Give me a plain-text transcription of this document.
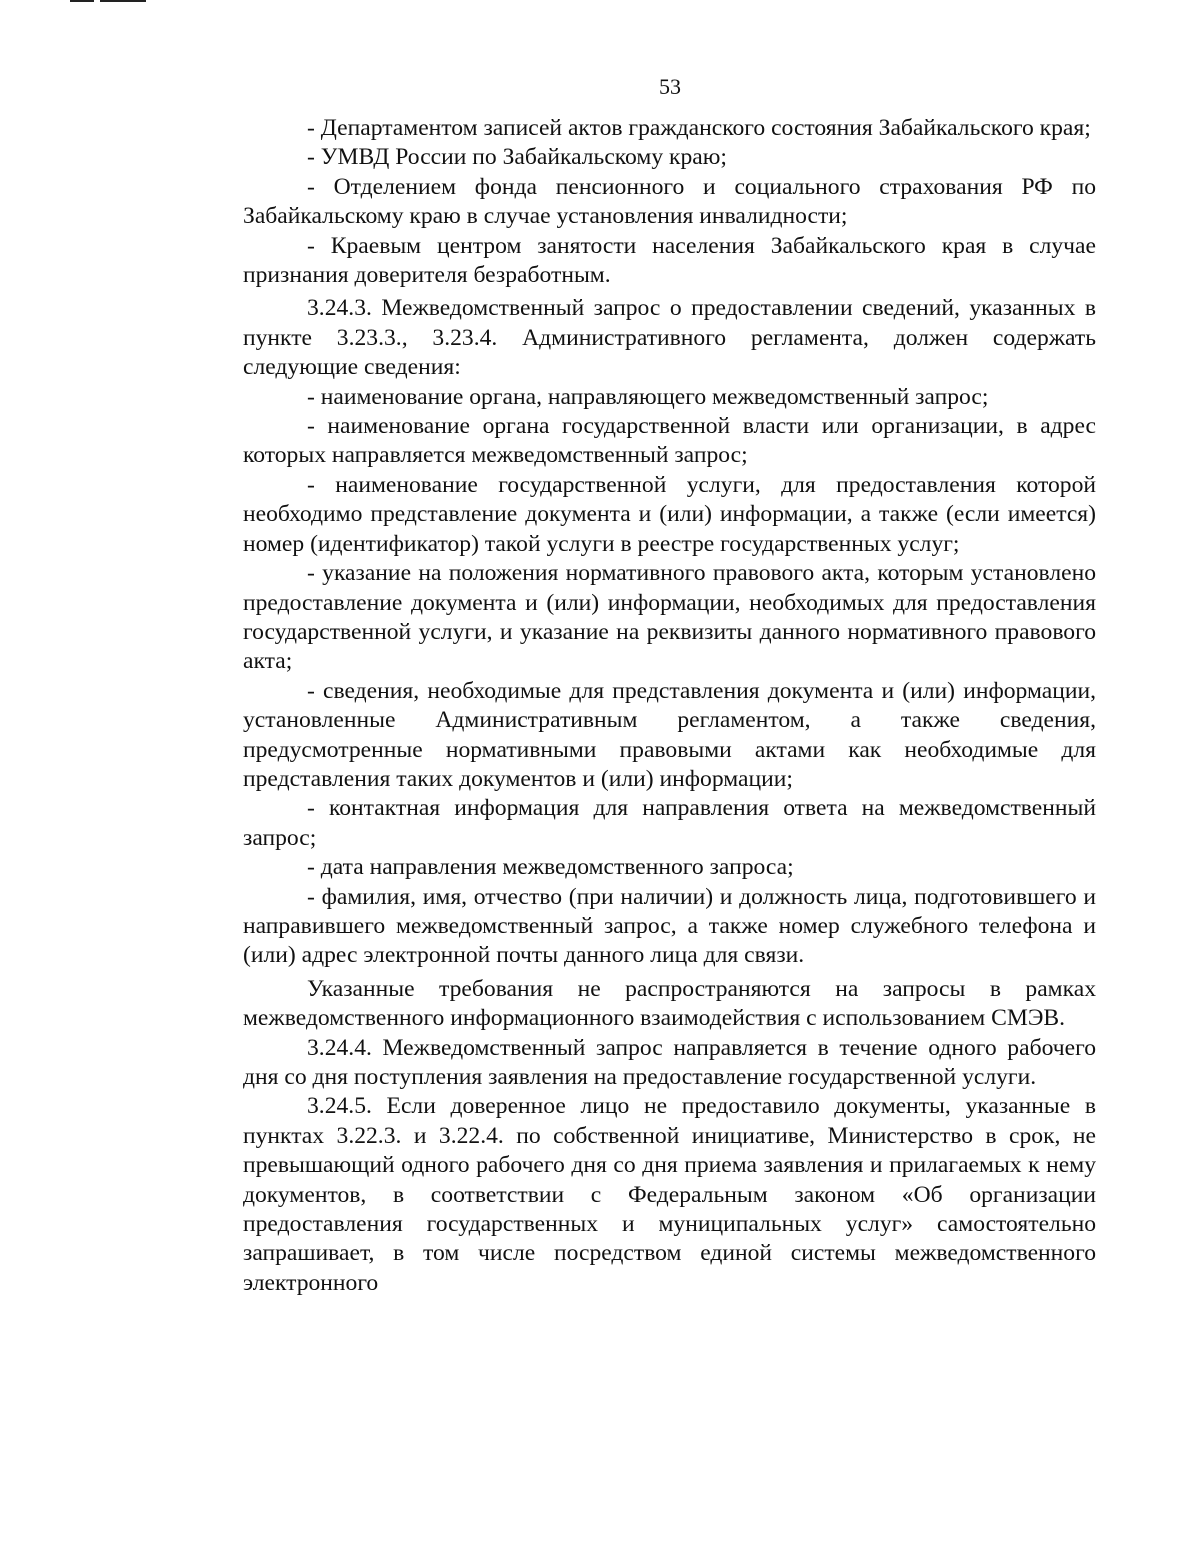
53

- Департаментом записей актов гражданского состояния Забайкальского края;

- УМВД России по Забайкальскому краю;

- Отделением фонда пенсионного и социального страхования РФ по Забайкальскому краю в случае установления инвалидности;

- Краевым центром занятости населения Забайкальского края в случае признания доверителя безработным.

3.24.3. Межведомственный запрос о предоставлении сведений, указанных в пункте 3.23.3., 3.23.4. Административного регламента, должен содержать следующие сведения:

- наименование органа, направляющего межведомственный запрос;

- наименование органа государственной власти или организации, в адрес которых направляется межведомственный запрос;

- наименование государственной услуги, для предоставления которой необходимо представление документа и (или) информации, а также (если имеется) номер (идентификатор) такой услуги в реестре государственных услуг;

- указание на положения нормативного правового акта, которым установлено предоставление документа и (или) информации, необходимых для предоставления государственной услуги, и указание на реквизиты данного нормативного правового акта;

- сведения, необходимые для представления документа и (или) информации, установленные Административным регламентом, а также сведения, предусмотренные нормативными правовыми актами как необходимые для представления таких документов и (или) информации;

- контактная информация для направления ответа на межведомственный запрос;

- дата направления межведомственного запроса;

- фамилия, имя, отчество (при наличии) и должность лица, подготовившего и направившего межведомственный запрос, а также номер служебного телефона и (или) адрес электронной почты данного лица для связи.

Указанные требования не распространяются на запросы в рамках межведомственного информационного взаимодействия с использованием СМЭВ.

3.24.4. Межведомственный запрос направляется в течение одного рабочего дня со дня поступления заявления на предоставление государственной услуги.

3.24.5. Если доверенное лицо не предоставило документы, указанные в пунктах 3.22.3. и 3.22.4. по собственной инициативе, Министерство в срок, не превышающий одного рабочего дня со дня приема заявления и прилагаемых к нему документов, в соответствии с Федеральным законом «Об организации предоставления государственных и муниципальных услуг» самостоятельно запрашивает, в том числе посредством единой системы межведомственного электронного
